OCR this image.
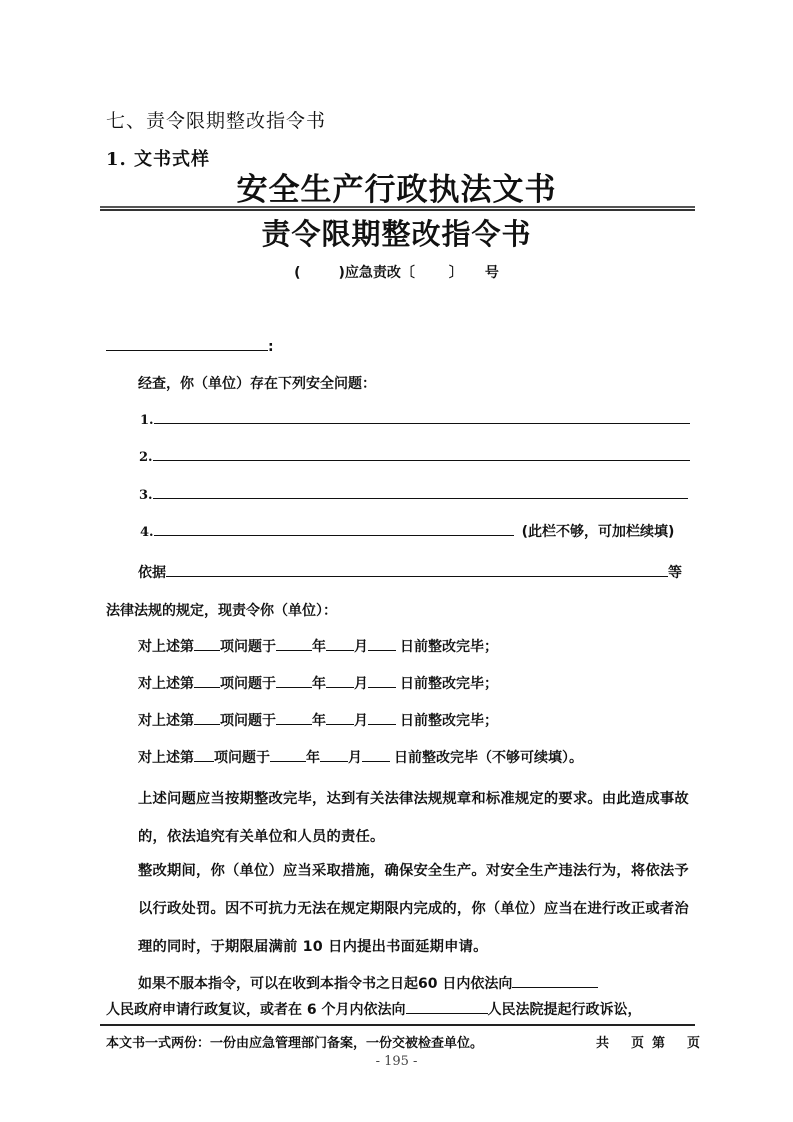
七、责令限期整改指令书
1. 文书式样
安全生产行政执法文书
责令限期整改指令书
(	)应急责改〔 〕 号
:
经查，你（单位）存在下列安全问题：
1.
2.
3.
4.	(此栏不够，可加栏续填)
依据	等
法律法规的规定，现责令你（单位）：
对上述第 项问题于	年 月 日前整改完毕；
对上述第 项问题于	年 月 日前整改完毕；
对上述第 项问题于	年 月 日前整改完毕；
对上述第 项问题于	年 月 日前整改完毕（不够可续填）。
上述问题应当按期整改完毕，达到有关法律法规规章和标准规定的要求。由此造成事故的，依法追究有关单位和人员的责任。
整改期间，你（单位）应当采取措施，确保安全生产。对安全生产违法行为，将依法予以行政处罚。因不可抗力无法在规定期限内完成的，你（单位）应当在进行改正或者治理的同时，于期限届满前 10 日内提出书面延期申请。
如果不服本指令，可以在收到本指令书之日起60 日内依法向
人民政府申请行政复议，或者在 6 个月内依法向	人民法院提起行政诉讼，
本文书一式两份：一份由应急管理部门备案，一份交被检查单位。	共 页 第 页
- 195 -
